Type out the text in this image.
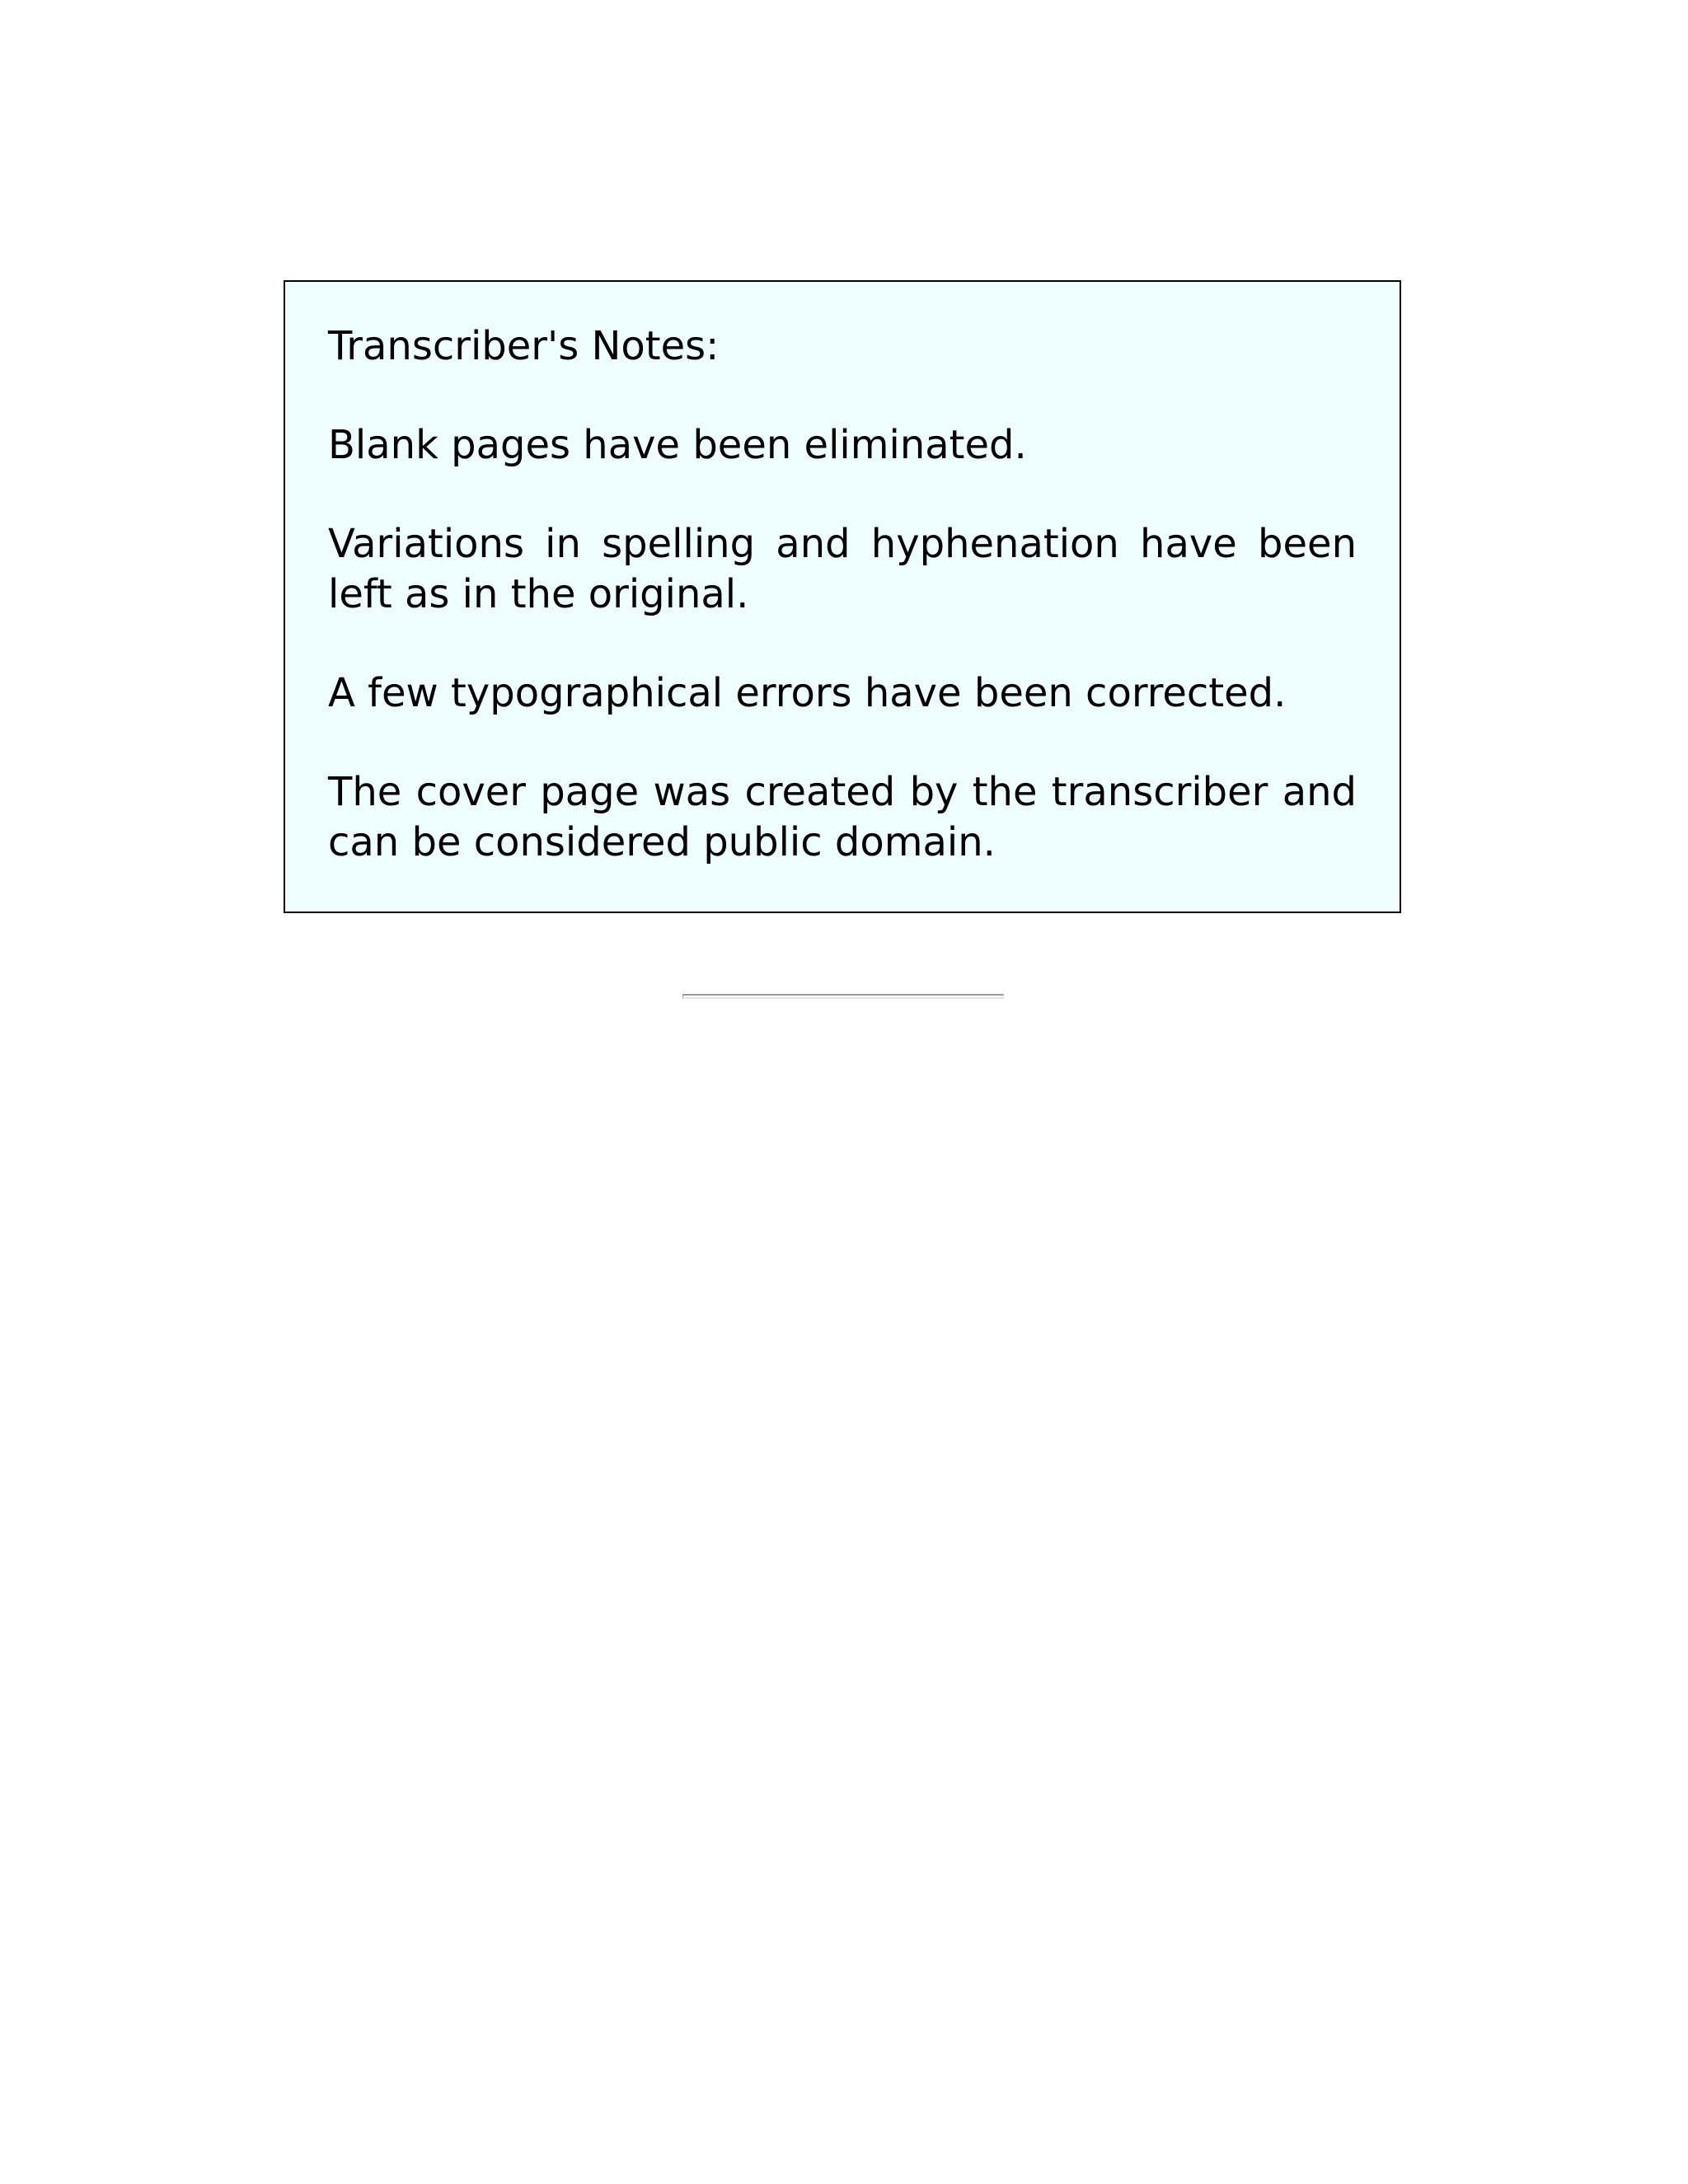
Transcriber's Notes:

Blank pages have been eliminated.

Variations in spelling and hyphenation have been left as in the original.

A few typographical errors have been corrected.

The cover page was created by the transcriber and can be considered public domain.
